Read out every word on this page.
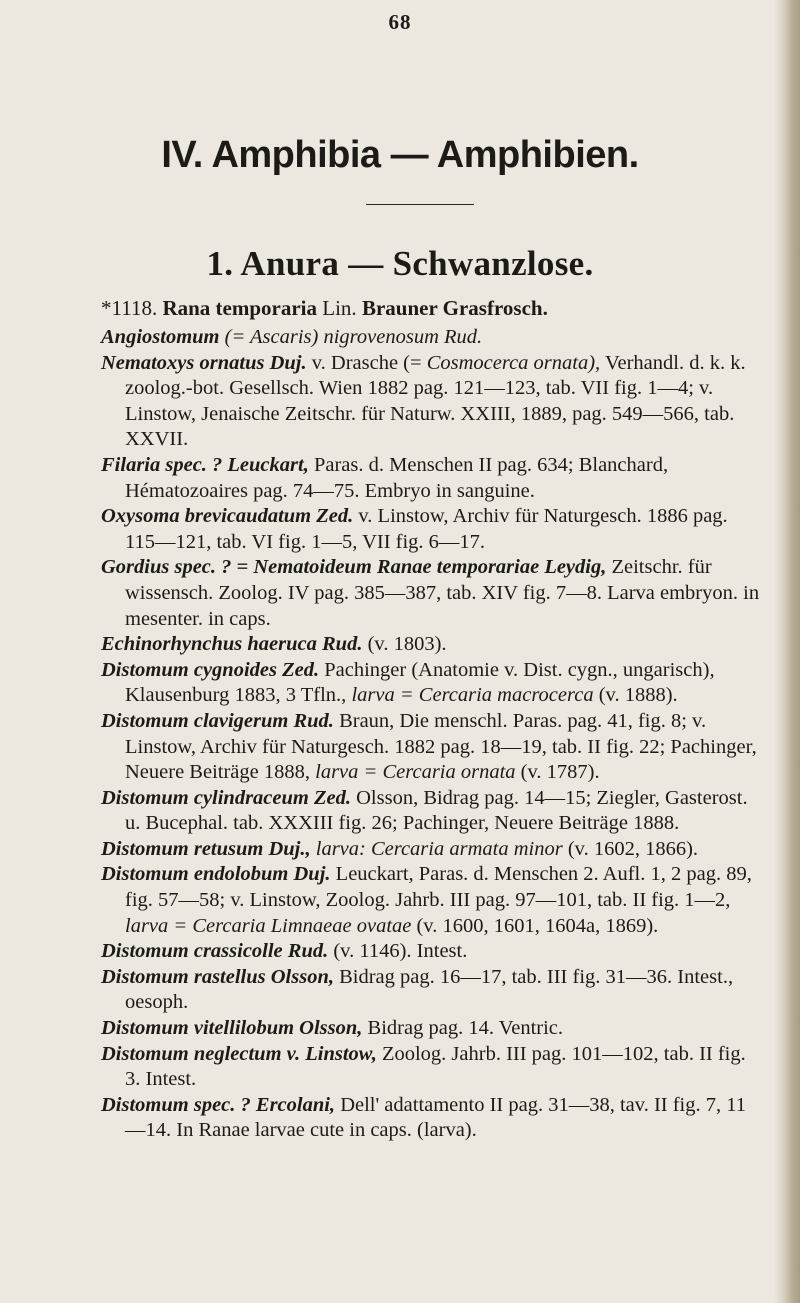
68
IV. Amphibia — Amphibien.
1. Anura — Schwanzlose.
*1118. Rana temporaria Lin. Brauner Grasfrosch.

Angiostomum (= Ascaris) nigrovenosum Rud.

Nematoxys ornatus Duj. v. Drasche (= Cosmocerca ornata), Verhandl. d. k. k. zoolog.-bot. Gesellsch. Wien 1882 pag. 121—123, tab. VII fig. 1—4; v. Linstow, Jenaische Zeitschr. für Naturw. XXIII, 1889, pag. 549—566, tab. XXVII.

Filaria spec. ? Leuckart, Paras. d. Menschen II pag. 634; Blanchard, Hématozoaires pag. 74—75. Embryo in sanguine.

Oxysoma brevicaudatum Zed. v. Linstow, Archiv für Naturgesch. 1886 pag. 115—121, tab. VI fig. 1—5, VII fig. 6—17.

Gordius spec. ? = Nematoideum Ranae temporariae Leydig, Zeitschr. für wissensch. Zoolog. IV pag. 385—387, tab. XIV fig. 7—8. Larva embryon. in mesenter. in caps.

Echinorhynchus haeruca Rud. (v. 1803).

Distomum cygnoides Zed. Pachinger (Anatomie v. Dist. cygn., ungarisch), Klausenburg 1883, 3 Tfln., larva = Cercaria macrocerca (v. 1888).

Distomum clavigerum Rud. Braun, Die menschl. Paras. pag. 41, fig. 8; v. Linstow, Archiv für Naturgesch. 1882 pag. 18—19, tab. II fig. 22; Pachinger, Neuere Beiträge 1888, larva = Cercaria ornata (v. 1787).

Distomum cylindraceum Zed. Olsson, Bidrag pag. 14—15; Ziegler, Gasterost. u. Bucephal. tab. XXXIII fig. 26; Pachinger, Neuere Beiträge 1888.

Distomum retusum Duj., larva: Cercaria armata minor (v. 1602, 1866).

Distomum endolobum Duj. Leuckart, Paras. d. Menschen 2. Aufl. 1, 2 pag. 89, fig. 57—58; v. Linstow, Zoolog. Jahrb. III pag. 97—101, tab. II fig. 1—2, larva = Cercaria Limnaeae ovatae (v. 1600, 1601, 1604a, 1869).

Distomum crassicolle Rud. (v. 1146). Intest.

Distomum rastellus Olsson, Bidrag pag. 16—17, tab. III fig. 31—36. Intest., oesoph.

Distomum vitellilobum Olsson, Bidrag pag. 14. Ventric.

Distomum neglectum v. Linstow, Zoolog. Jahrb. III pag. 101—102, tab. II fig. 3. Intest.

Distomum spec. ? Ercolani, Dell' adattamento II pag. 31—38, tav. II fig. 7, 11—14. In Ranae larvae cute in caps. (larva).
